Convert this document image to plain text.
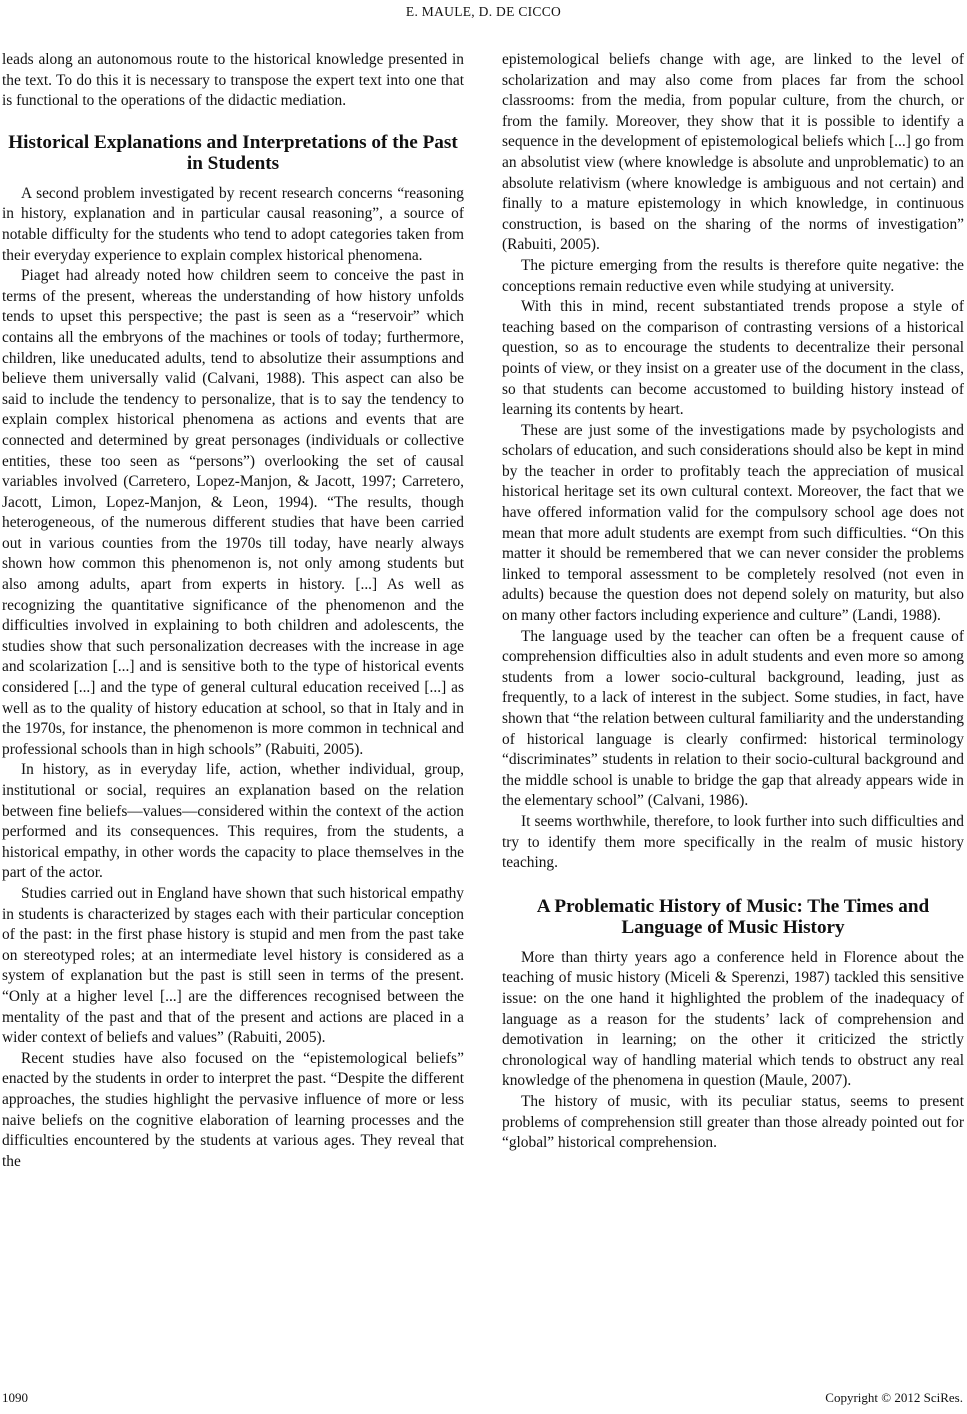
E. MAULE, D. DE CICCO

leads along an autonomous route to the historical knowledge presented in the text. To do this it is necessary to transpose the expert text into one that is functional to the operations of the didactic mediation.

Historical Explanations and Interpretations of the Past in Students

A second problem investigated by recent research concerns “reasoning in history, explanation and in particular causal reasoning”, a source of notable difficulty for the students who tend to adopt categories taken from their everyday experience to explain complex historical phenomena.

Piaget had already noted how children seem to conceive the past in terms of the present, whereas the understanding of how history unfolds tends to upset this perspective; the past is seen as a “reservoir” which contains all the embryons of the machines or tools of today; furthermore, children, like uneducated adults, tend to absolutize their assumptions and believe them universally valid (Calvani, 1988). This aspect can also be said to include the tendency to personalize, that is to say the tendency to explain complex historical phenomena as actions and events that are connected and determined by great personages (individuals or collective entities, these too seen as “persons”) overlooking the set of causal variables involved (Carretero, Lopez-Manjon, & Jacott, 1997; Carretero, Jacott, Limon, Lopez-Manjon, & Leon, 1994). “The results, though heterogeneous, of the numerous different studies that have been carried out in various counties from the 1970s till today, have nearly always shown how common this phenomenon is, not only among students but also among adults, apart from experts in history. [...] As well as recognizing the quantitative significance of the phenomenon and the difficulties involved in explaining to both children and adolescents, the studies show that such personalization decreases with the increase in age and scolarization [...] and is sensitive both to the type of historical events considered [...] and the type of general cultural education received [...] as well as to the quality of history education at school, so that in Italy and in the 1970s, for instance, the phenomenon is more common in technical and professional schools than in high schools” (Rabuiti, 2005).

In history, as in everyday life, action, whether individual, group, institutional or social, requires an explanation based on the relation between fine beliefs—values—considered within the context of the action performed and its consequences. This requires, from the students, a historical empathy, in other words the capacity to place themselves in the part of the actor.

Studies carried out in England have shown that such historical empathy in students is characterized by stages each with their particular conception of the past: in the first phase history is stupid and men from the past take on stereotyped roles; at an intermediate level history is considered as a system of explanation but the past is still seen in terms of the present. “Only at a higher level [...] are the differences recognised between the mentality of the past and that of the present and actions are placed in a wider context of beliefs and values” (Rabuiti, 2005).

Recent studies have also focused on the “epistemological beliefs” enacted by the students in order to interpret the past. “Despite the different approaches, the studies highlight the pervasive influence of more or less naive beliefs on the cognitive elaboration of learning processes and the difficulties encountered by the students at various ages. They reveal that the

epistemological beliefs change with age, are linked to the level of scholarization and may also come from places far from the school classrooms: from the media, from popular culture, from the church, or from the family. Moreover, they show that it is possible to identify a sequence in the development of epistemological beliefs which [...] go from an absolutist view (where knowledge is absolute and unproblematic) to an absolute relativism (where knowledge is ambiguous and not certain) and finally to a mature epistemology in which knowledge, in continuous construction, is based on the sharing of the norms of investigation” (Rabuiti, 2005).

The picture emerging from the results is therefore quite negative: the conceptions remain reductive even while studying at university.

With this in mind, recent substantiated trends propose a style of teaching based on the comparison of contrasting versions of a historical question, so as to encourage the students to decentralize their personal points of view, or they insist on a greater use of the document in the class, so that students can become accustomed to building history instead of learning its contents by heart.

These are just some of the investigations made by psychologists and scholars of education, and such considerations should also be kept in mind by the teacher in order to profitably teach the appreciation of musical historical heritage set its own cultural context. Moreover, the fact that we have offered information valid for the compulsory school age does not mean that more adult students are exempt from such difficulties. “On this matter it should be remembered that we can never consider the problems linked to temporal assessment to be completely resolved (not even in adults) because the question does not depend solely on maturity, but also on many other factors including experience and culture” (Landi, 1988).

The language used by the teacher can often be a frequent cause of comprehension difficulties also in adult students and even more so among students from a lower socio-cultural background, leading, just as frequently, to a lack of interest in the subject. Some studies, in fact, have shown that “the relation between cultural familiarity and the understanding of historical language is clearly confirmed: historical terminology “discriminates” students in relation to their socio-cultural background and the middle school is unable to bridge the gap that already appears wide in the elementary school” (Calvani, 1986).

It seems worthwhile, therefore, to look further into such difficulties and try to identify them more specifically in the realm of music history teaching.

A Problematic History of Music: The Times and Language of Music History

More than thirty years ago a conference held in Florence about the teaching of music history (Miceli & Sperenzi, 1987) tackled this sensitive issue: on the one hand it highlighted the problem of the inadequacy of language as a reason for the students’ lack of comprehension and demotivation in learning; on the other it criticized the strictly chronological way of handling material which tends to obstruct any real knowledge of the phenomena in question (Maule, 2007).

The history of music, with its peculiar status, seems to present problems of comprehension still greater than those already pointed out for “global” historical comprehension.

1090	Copyright © 2012 SciRes.
